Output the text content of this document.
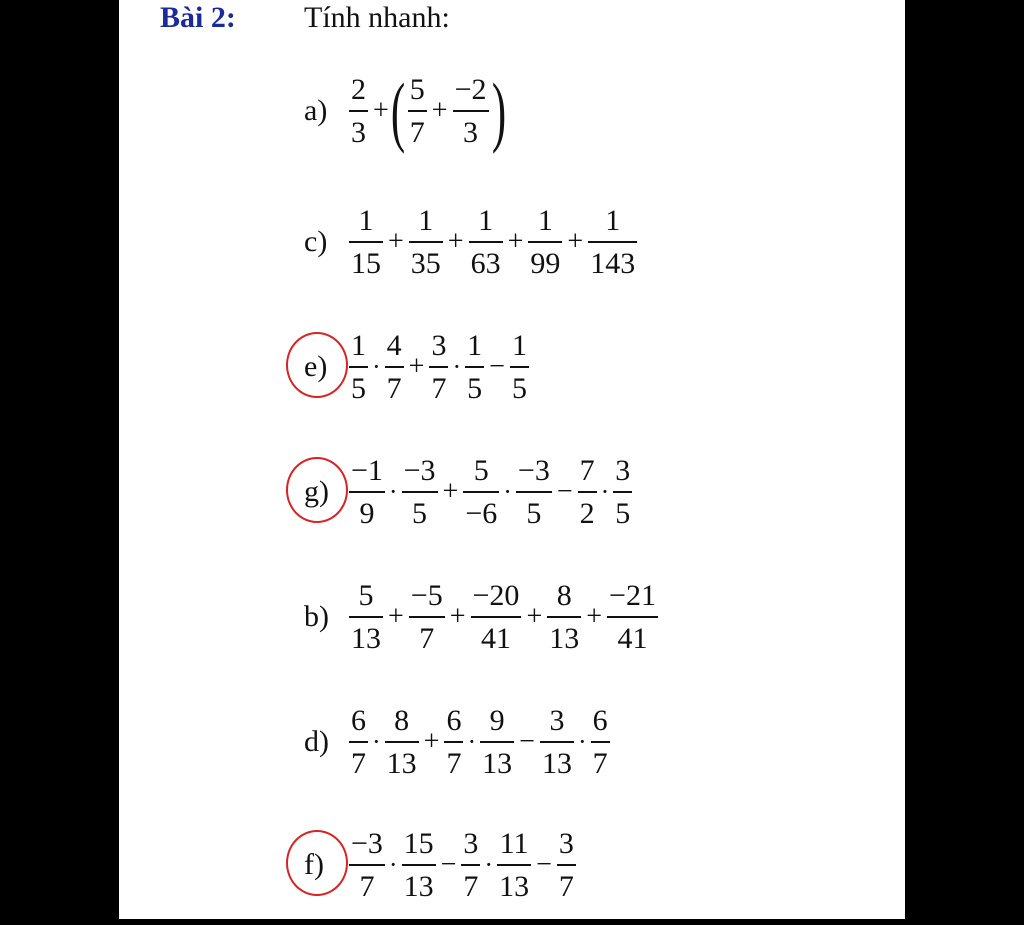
Bài 2: Tính nhanh:
$a) \frac{2}{3}$ + ( $\frac{5}{7} + \frac{-2}{3}$ )
$c) \frac{1}{15} + \frac{1}{35} + \frac{1}{63} + \frac{1}{99} + \frac{1}{143}$
$e) \frac{1}{5} \cdot \frac{4}{7} + \frac{3}{7} \cdot \frac{1}{5} - \frac{1}{5}$
$g) \frac{-1}{9} \cdot \frac{-3}{5} + \frac{5}{-6} \cdot \frac{-3}{5} - \frac{7}{2} \cdot \frac{3}{5}$
$b) \frac{5}{13} + \frac{-5}{7} + \frac{-20}{41} + \frac{8}{13} + \frac{-21}{41}$
$d) \frac{6}{7} \cdot \frac{8}{13} + \frac{6}{7} \cdot \frac{9}{13} - \frac{3}{13} \cdot \frac{6}{7}$
$f) \frac{-3}{7} \cdot \frac{15}{13} - \frac{3}{7} \cdot \frac{11}{13} - \frac{3}{7}$
